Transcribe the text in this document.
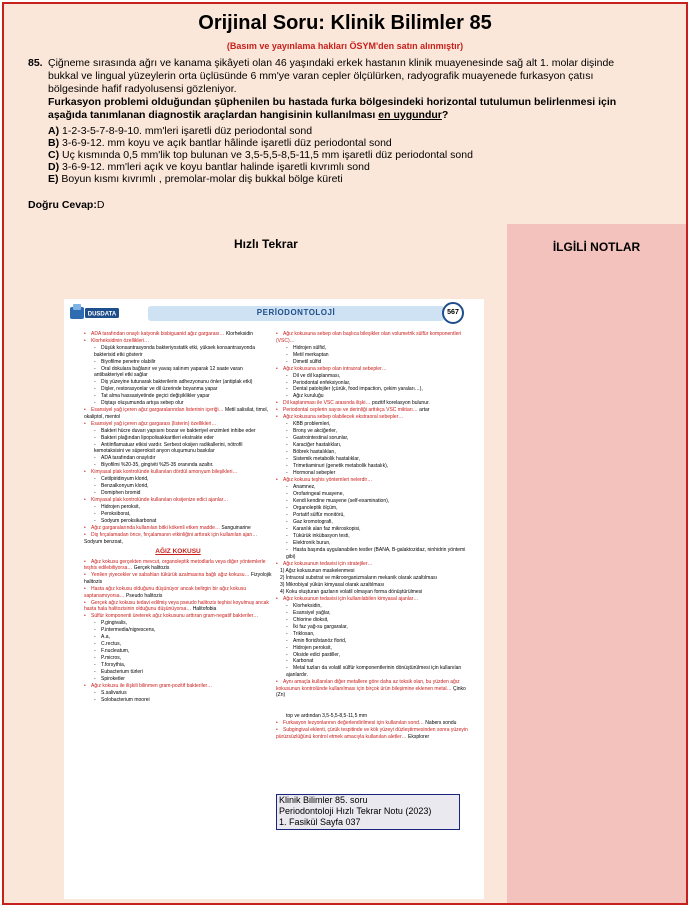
Orijinal Soru: Klinik Bilimler 85
(Basım ve yayınlama hakları ÖSYM'den satın alınmıştır)
85. Çiğneme sırasında ağrı ve kanama şikâyeti olan 46 yaşındaki erkek hastanın klinik muayenesinde sağ alt 1. molar dişinde bukkal ve lingual yüzeylerin orta üçlüsünde 6 mm'ye varan cepler ölçülürken, radyografik muayenede furkasyon çatısı bölgesinde hafif radyolusensi gözleniyor.
Furkasyon problemi olduğundan şüphenilen bu hastada furka bölgesindeki horizontal tutulumun belirlenmesi için aşağıda tanımlanan diagnostik araçlardan hangisinin kullanılması en uygundur?
A) 1-2-3-5-7-8-9-10. mm'leri işaretli düz periodontal sond
B) 3-6-9-12. mm koyu ve açık bantlar hâlinde işaretli düz periodontal sond
C) Uç kısmında 0,5 mm'lik top bulunan ve 3,5-5,5-8,5-11,5 mm işaretli düz periodontal sond
D) 3-6-9-12. mm'leri açık ve koyu bantlar halinde işaretli kıvrımlı sond
E) Boyun kısmı kıvrımlı , premolar-molar diş bukkal bölge küreti
Doğru Cevap:D
Hızlı Tekrar	İLGİLİ NOTLAR
DUSDATA	PERİODONTOLOJİ	567
• ADA tarafından onaylı katyonik bisbiguanid ağız gargarası… Klorheksidin
• Klorheksidinin özellikleri…
- Düşük konsantrasyonda bakteriyostatik etki, yüksek konsantrasyonda bakterisid etki gösterir
- Biyofilme penetre olabilir
- Oral dokulara bağlanır ve yavaş salınım yaparak 12 saate varan antibakteriyel etki sağlar
- Diş yüzeyine tutunarak bakterilerin adhezyonunu önler (antiplak etki)
- Dişler, restorasyonlar ve dil üzerinde boyanma yapar
- Tat alma hassasiyetinde geçici değişiklikler yapar
- Diştaşı oluşumunda artışa sebep olur
• Esansiyel yağ içeren ağız gargaralarından listerinin içeriği… Metil salisilat, timol, okaliptol, mentol
• Esansiyel yağ içeren ağız gargarası (listerin) özellikleri…
- Bakteri hücre duvarı yapısını bozar ve bakteriyel enzimleri inhibe eder
- Bakteri plağından lipopolisakkaritleri ekstrakte eder
- Antiinflamatuar etkisi vardır. Serbest oksijen radikallerini, nötrofil kemotaksisini ve süperoksit anyon oluşumunu baskılar
- ADA tarafından onaylıdır
- Biyofilmi %20-35, gingiviti %25-35 oranında azaltır.
• Kimyasal plak kontrolünde kullanılan dördül amonyum bileşikleri…
- Cetilpiridinyum klorid,
- Benzalkonyum klorid,
- Domiphen bromid
• Kimyasal plak kontrolünde kullanılan oksijenize edici ajanlar…
- Hidrojen peroksit,
- Peroksiborat,
- Sodyum peroksikarbonat
• Ağız gargaralarında kullanılan bitki kökenli etken madde… Sanguinarine
• Diş fırçalamadan önce, fırçalamanın etkinliğini arttırak için kullanılan ajan… Sodyum benzoat,
AĞIZ KOKUSU
• Ağız kokusu gerçekten mevcut, organoleptik metodlarla veya diğer yöntemlerle teşhis edilebiliyorsa… Gerçek halitozis
• Yenilen yiyecekler ve sabahları tükürük azalmasına bağlı ağız kokusu… Fizyolojik halitozis
• Hasta ağız kokusu olduğunu düşünüyor ancak belirgin bir ağız kokusu saptanamıyorsa… Pseudo halitozis
• Gerçek ağız kokusu tedavi edilmiş veya pseudo halitozis teşhisi koyulmuş ancak hasta hala halitozisinin olduğunu düşünüyorsa… Halitofobia
• Sülfür komponenti üreterek ağız kokusunu arttıran gram-negatif bakteriler…
- P.gingivalis,
- P.intermedia/nigrescens,
- A.a,
- C.rectus,
- F.nucleatum,
- P.micros,
- T.forsythia,
- Eubacterium türleri
- Spiroketler
• Ağız kokusu ile ilişkili bilinmen gram-pozitif bakteriler…
- S.salivarius
- Solobacterium moorei
• Ağız kokusuna sebep olan başlıca bileşikler olan volumetrik sülfür komponentleri (VSC)…
- Hidrojen sülfid,
- Metil merkaptan
- Dimetil sülfid
• Ağız kokusuna sebep olan intraoral sebepler…
- Dil ve dil kaplanması,
- Periodontal enfeksiyonlar,
- Dental patolojiler (çürük, food impaction, çekim yaraları…),
- Ağız kuruluğu
• Dil kaplanması ile VSC arasında ilişki… pozitif korelasyon bulunur.
• Periodontal ceplerin sayısı ve derinliği arttıkça VSC miktarı… artar
• Ağız kokusuna sebep olabilecek ekstraoral sebepler…
- KBB problemleri,
- Bronş ve akciğerler,
- Gastrointestinal sorunlar,
- Karaciğer hastalıkları,
- Böbrek hastalıkları,
- Sistemik metabolik hastalıklar,
- Trimetiaminuri (genetik metabolik hastalık),
- Hormonal sebepler
• Ağız kokusu teşhis yöntemleri nelerdir…
- Anamnez,
- Orofaringeal muayene,
- Kendi kendine muayene (self-examination),
- Organoleptik ölçüm,
- Portatif sülfür monitörü,
- Gaz kromotografi,
- Karanlık alan faz mikroskopisi,
- Tükürük inkübasyon testi,
- Elektronik burun,
- Hasta başında uygulanabilen testler (BANA, B-galaktozidaz, ninhidrin yöntemi gibi)
• Ağız kokusunun tedavisi için stratejiler…
1) Ağız kokusunun maskelenmesi
2) İntraoral substrat ve mikroorganizmaların mekanik olarak azaltılması
3) Mikrobiyal yükün kimyasal olarak azaltılması
4) Koku oluşturan gazların volatil olmayan forma dönüştürülmesi
• Ağız kokusunun tedavisi için kullanılabilen kimyasal ajanlar…
- Klorheksidin,
- Esansiyel yağlar,
- Chlorine dioksit,
- İki faz yağ-su gargaralar,
- Triklosan,
- Amin florid/stanöz florid,
- Hidrojen peroksit,
- Okside edici pastiller,
- Karbonat
- Metal tuzları da volatil sülfür komponentlerinin dönüştürülmesi için kullanılan ajanlardır.
• Aynı amaçla kullanılan diğer metallere göre daha az toksik olan, bu yüzden ağız kokusunun kontrolünde kullanılması için birçok ürün bileşimine eklenen metal… Çinko (Zn)
top ve ardından 3,5-5,5-8,5-11,5 mm
• Furkasyon lezyonlarının değerlendirilmesi için kullanılan sond… Nabers sondu
• Subgingival eklenti, çürük tespitinde ve kök yüzeyi düzleştirmesinden sonra yüzeyin pürüzsüzlüğünü kontrol etmek amacıyla kullanılan aletler… Eksplorer
Klinik Bilimler 85. soru
Periodontoloji Hızlı Tekrar Notu (2023)
1. Fasikül Sayfa 037
